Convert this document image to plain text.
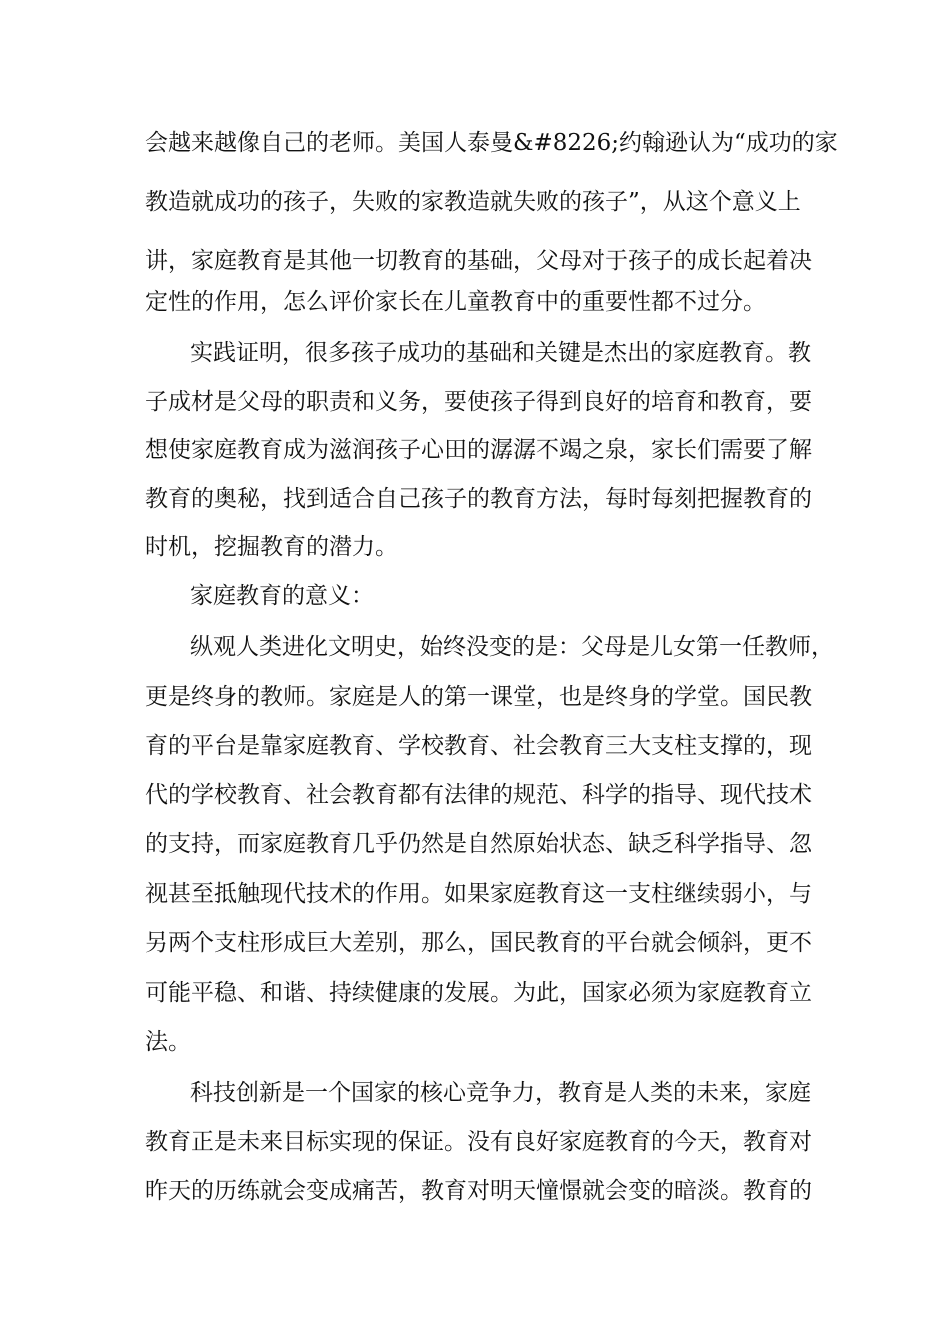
会越来越像自己的老师。美国人泰曼&#8226;约翰逊认为“成功的家
教造就成功的孩子，失败的家教造就失败的孩子”，从这个意义上
讲，家庭教育是其他一切教育的基础，父母对于孩子的成长起着决
定性的作用，怎么评价家长在儿童教育中的重要性都不过分。
实践证明，很多孩子成功的基础和关键是杰出的家庭教育。教
子成材是父母的职责和义务，要使孩子得到良好的培育和教育，要
想使家庭教育成为滋润孩子心田的潺潺不竭之泉，家长们需要了解
教育的奥秘，找到适合自己孩子的教育方法，每时每刻把握教育的
时机，挖掘教育的潜力。
家庭教育的意义：
纵观人类进化文明史，始终没变的是：父母是儿女第一任教师，
更是终身的教师。家庭是人的第一课堂，也是终身的学堂。国民教
育的平台是靠家庭教育、学校教育、社会教育三大支柱支撑的，现
代的学校教育、社会教育都有法律的规范、科学的指导、现代技术
的支持，而家庭教育几乎仍然是自然原始状态、缺乏科学指导、忽
视甚至抵触现代技术的作用。如果家庭教育这一支柱继续弱小，与
另两个支柱形成巨大差别，那么，国民教育的平台就会倾斜，更不
可能平稳、和谐、持续健康的发展。为此，国家必须为家庭教育立
法。
科技创新是一个国家的核心竞争力，教育是人类的未来，家庭
教育正是未来目标实现的保证。没有良好家庭教育的今天，教育对
昨天的历练就会变成痛苦，教育对明天憧憬就会变的暗淡。教育的
